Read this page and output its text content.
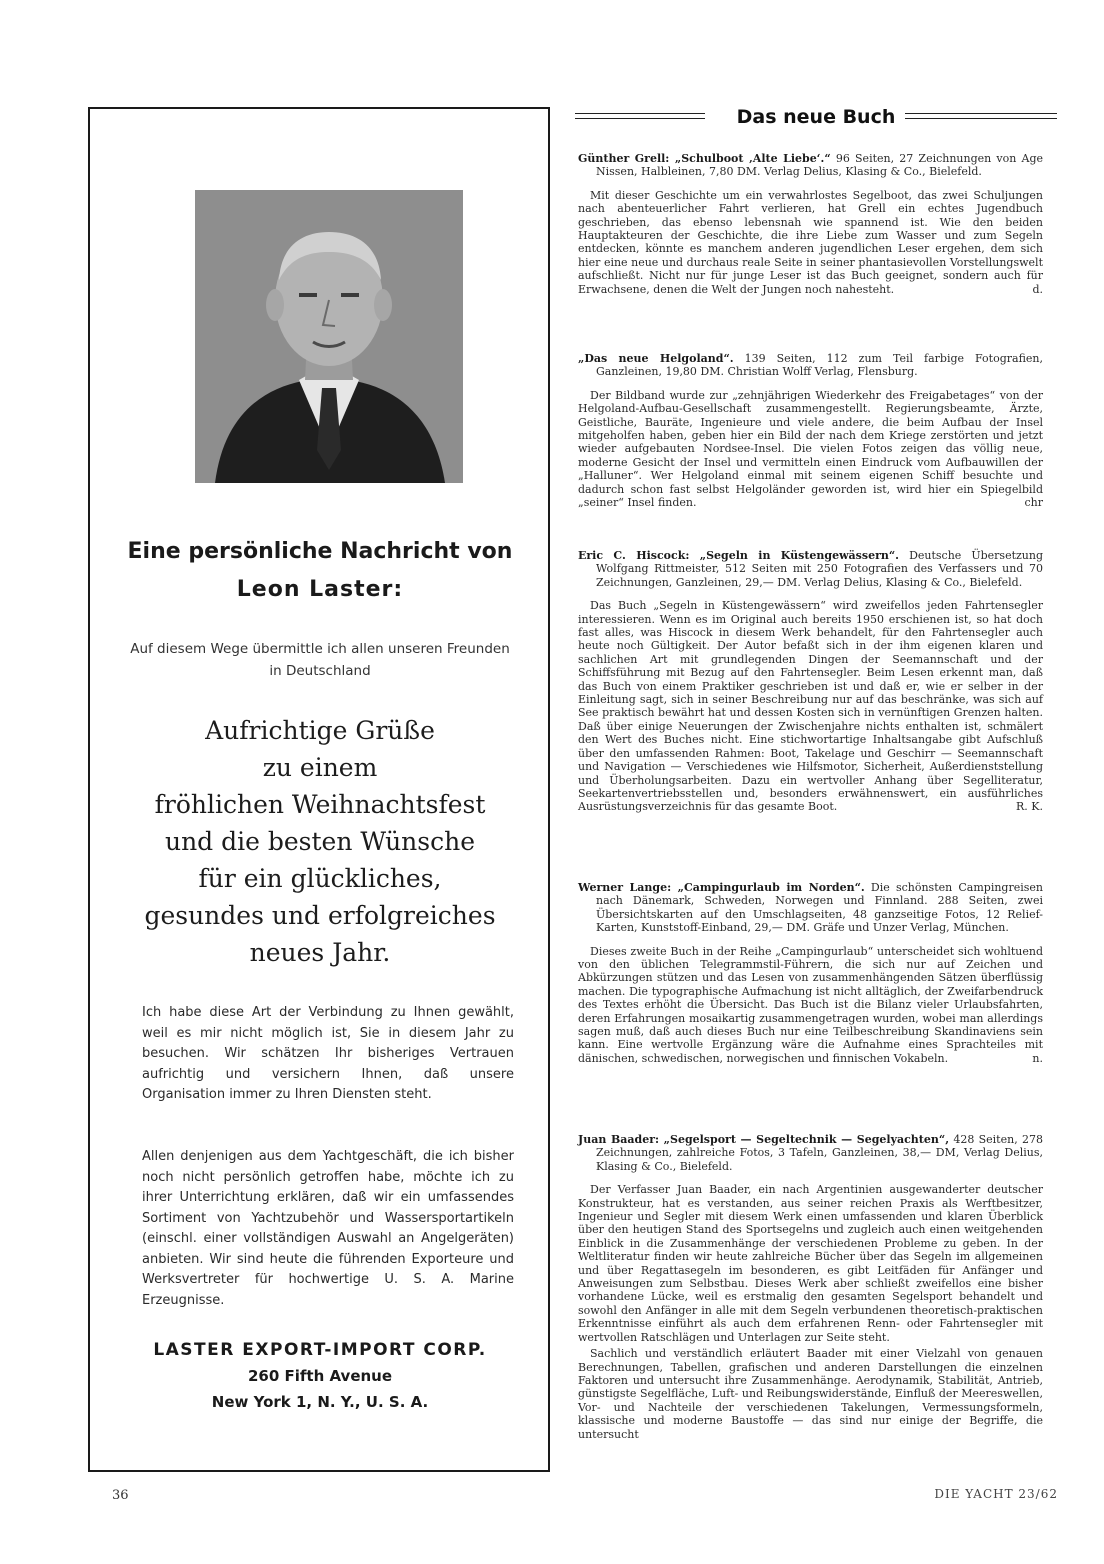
Eine persönliche Nachricht von
Leon Laster:

Auf diesem Wege übermittle ich allen unseren Freunden in Deutschland

Aufrichtige Grüße
zu einem
fröhlichen Weihnachtsfest
und die besten Wünsche
für ein glückliches,
gesundes und erfolgreiches
neues Jahr.

Ich habe diese Art der Verbindung zu Ihnen gewählt, weil es mir nicht möglich ist, Sie in diesem Jahr zu besuchen. Wir schätzen Ihr bisheriges Vertrauen aufrichtig und versichern Ihnen, daß unsere Organisation immer zu Ihren Diensten steht.

Allen denjenigen aus dem Yachtgeschäft, die ich bisher noch nicht persönlich getroffen habe, möchte ich zu ihrer Unterrichtung erklären, daß wir ein umfassendes Sortiment von Yachtzubehör und Wassersportartikeln (einschl. einer vollständigen Auswahl an Angelgeräten) anbieten. Wir sind heute die führenden Exporteure und Werksvertreter für hochwertige U. S. A. Marine Erzeugnisse.

LASTER EXPORT-IMPORT CORP.
260 Fifth Avenue
New York 1, N. Y., U. S. A.
Das neue Buch

Günther Grell: „Schulboot ‚Alte Liebe‘.“ 96 Seiten, 27 Zeichnungen von Age Nissen, Halbleinen, 7,80 DM. Verlag Delius, Klasing & Co., Bielefeld.

Mit dieser Geschichte um ein verwahrlostes Segelboot, das zwei Schuljungen nach abenteuerlicher Fahrt verlieren, hat Grell ein echtes Jugendbuch geschrieben, das ebenso lebensnah wie spannend ist. Wie den beiden Hauptakteuren der Geschichte, die ihre Liebe zum Wasser und zum Segeln entdecken, könnte es manchem anderen jugendlichen Leser ergehen, dem sich hier eine neue und durchaus reale Seite in seiner phantasievollen Vorstellungswelt aufschließt. Nicht nur für junge Leser ist das Buch geeignet, sondern auch für Erwachsene, denen die Welt der Jungen noch nahesteht.	d.

„Das neue Helgoland“. 139 Seiten, 112 zum Teil farbige Fotografien, Ganzleinen, 19,80 DM. Christian Wolff Verlag, Flensburg.

Der Bildband wurde zur „zehnjährigen Wiederkehr des Freigabetages“ von der Helgoland-Aufbau-Gesellschaft zusammengestellt. Regierungsbeamte, Ärzte, Geistliche, Bauräte, Ingenieure und viele andere, die beim Aufbau der Insel mitgeholfen haben, geben hier ein Bild der nach dem Kriege zerstörten und jetzt wieder aufgebauten Nordsee-Insel. Die vielen Fotos zeigen das völlig neue, moderne Gesicht der Insel und vermitteln einen Eindruck vom Aufbauwillen der „Halluner“. Wer Helgoland einmal mit seinem eigenen Schiff besuchte und dadurch schon fast selbst Helgoländer geworden ist, wird hier ein Spiegelbild „seiner“ Insel finden.	chr

Eric C. Hiscock: „Segeln in Küstengewässern“. Deutsche Übersetzung Wolfgang Rittmeister, 512 Seiten mit 250 Fotografien des Verfassers und 70 Zeichnungen, Ganzleinen, 29,— DM. Verlag Delius, Klasing & Co., Bielefeld.

Das Buch „Segeln in Küstengewässern“ wird zweifellos jeden Fahrtensegler interessieren. Wenn es im Original auch bereits 1950 erschienen ist, so hat doch fast alles, was Hiscock in diesem Werk behandelt, für den Fahrtensegler auch heute noch Gültigkeit. Der Autor befaßt sich in der ihm eigenen klaren und sachlichen Art mit grundlegenden Dingen der Seemannschaft und der Schiffsführung mit Bezug auf den Fahrtensegler. Beim Lesen erkennt man, daß das Buch von einem Praktiker geschrieben ist und daß er, wie er selber in der Einleitung sagt, sich in seiner Beschreibung nur auf das beschränke, was sich auf See praktisch bewährt hat und dessen Kosten sich in vernünftigen Grenzen halten. Daß über einige Neuerungen der Zwischenjahre nichts enthalten ist, schmälert den Wert des Buches nicht. Eine stichwortartige Inhaltsangabe gibt Aufschluß über den umfassenden Rahmen: Boot, Takelage und Geschirr — Seemannschaft und Navigation — Verschiedenes wie Hilfsmotor, Sicherheit, Außerdienststellung und Überholungsarbeiten. Dazu ein wertvoller Anhang über Segelliteratur, Seekartenvertriebsstellen und, besonders erwähnenswert, ein ausführliches Ausrüstungsverzeichnis für das gesamte Boot.	R. K.

Werner Lange: „Campingurlaub im Norden“. Die schönsten Campingreisen nach Dänemark, Schweden, Norwegen und Finnland. 288 Seiten, zwei Übersichtskarten auf den Umschlagseiten, 48 ganzseitige Fotos, 12 Relief-Karten, Kunststoff-Einband, 29,— DM. Gräfe und Unzer Verlag, München.

Dieses zweite Buch in der Reihe „Campingurlaub“ unterscheidet sich wohltuend von den üblichen Telegrammstil-Führern, die sich nur auf Zeichen und Abkürzungen stützen und das Lesen von zusammenhängenden Sätzen überflüssig machen. Die typographische Aufmachung ist nicht alltäglich, der Zweifarbendruck des Textes erhöht die Übersicht. Das Buch ist die Bilanz vieler Urlaubsfahrten, deren Erfahrungen mosaikartig zusammengetragen wurden, wobei man allerdings sagen muß, daß auch dieses Buch nur eine Teilbeschreibung Skandinaviens sein kann. Eine wertvolle Ergänzung wäre die Aufnahme eines Sprachteiles mit dänischen, schwedischen, norwegischen und finnischen Vokabeln.	n.

Juan Baader: „Segelsport — Segeltechnik — Segelyachten“, 428 Seiten, 278 Zeichnungen, zahlreiche Fotos, 3 Tafeln, Ganzleinen, 38,— DM, Verlag Delius, Klasing & Co., Bielefeld.

Der Verfasser Juan Baader, ein nach Argentinien ausgewanderter deutscher Konstrukteur, hat es verstanden, aus seiner reichen Praxis als Werftbesitzer, Ingenieur und Segler mit diesem Werk einen umfassenden und klaren Überblick über den heutigen Stand des Sportsegelns und zugleich auch einen weitgehenden Einblick in die Zusammenhänge der verschiedenen Probleme zu geben. In der Weltliteratur finden wir heute zahlreiche Bücher über das Segeln im allgemeinen und über Regattasegeln im besonderen, es gibt Leitfäden für Anfänger und Anweisungen zum Selbstbau. Dieses Werk aber schließt zweifellos eine bisher vorhandene Lücke, weil es erstmalig den gesamten Segelsport behandelt und sowohl den Anfänger in alle mit dem Segeln verbundenen theoretisch-praktischen Erkenntnisse einführt als auch dem erfahrenen Renn- oder Fahrtensegler mit wertvollen Ratschlägen und Unterlagen zur Seite steht.

Sachlich und verständlich erläutert Baader mit einer Vielzahl von genauen Berechnungen, Tabellen, grafischen und anderen Darstellungen die einzelnen Faktoren und untersucht ihre Zusammenhänge. Aerodynamik, Stabilität, Antrieb, günstigste Segelfläche, Luft- und Reibungswiderstände, Einfluß der Meereswellen, Vor- und Nachteile der verschiedenen Takelungen, Vermessungsformeln, klassische und moderne Baustoffe — das sind nur einige der Begriffe, die untersucht

36	DIE YACHT 23/62
